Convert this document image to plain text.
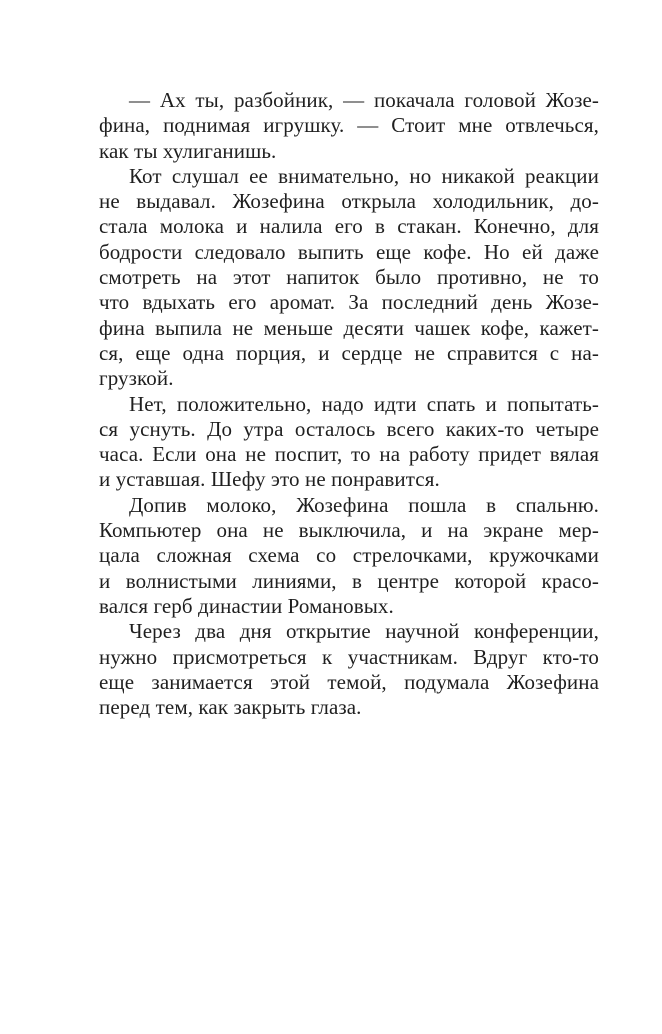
— Ах ты, разбойник, — покачала головой Жозе-
фина, поднимая игрушку. — Стоит мне отвлечься,
как ты хулиганишь.
Кот слушал ее внимательно, но никакой реакции
не выдавал. Жозефина открыла холодильник, до-
стала молока и налила его в стакан. Конечно, для
бодрости следовало выпить еще кофе. Но ей даже
смотреть на этот напиток было противно, не то
что вдыхать его аромат. За последний день Жозе-
фина выпила не меньше десяти чашек кофе, кажет-
ся, еще одна порция, и сердце не справится с на-
грузкой.
Нет, положительно, надо идти спать и попытать-
ся уснуть. До утра осталось всего каких-то четыре
часа. Если она не поспит, то на работу придет вялая
и уставшая. Шефу это не понравится.
Допив молоко, Жозефина пошла в спальню.
Компьютер она не выключила, и на экране мер-
цала сложная схема со стрелочками, кружочками
и волнистыми линиями, в центре которой красо-
вался герб династии Романовых.
Через два дня открытие научной конференции,
нужно присмотреться к участникам. Вдруг кто-то
еще занимается этой темой, подумала Жозефина
перед тем, как закрыть глаза.
